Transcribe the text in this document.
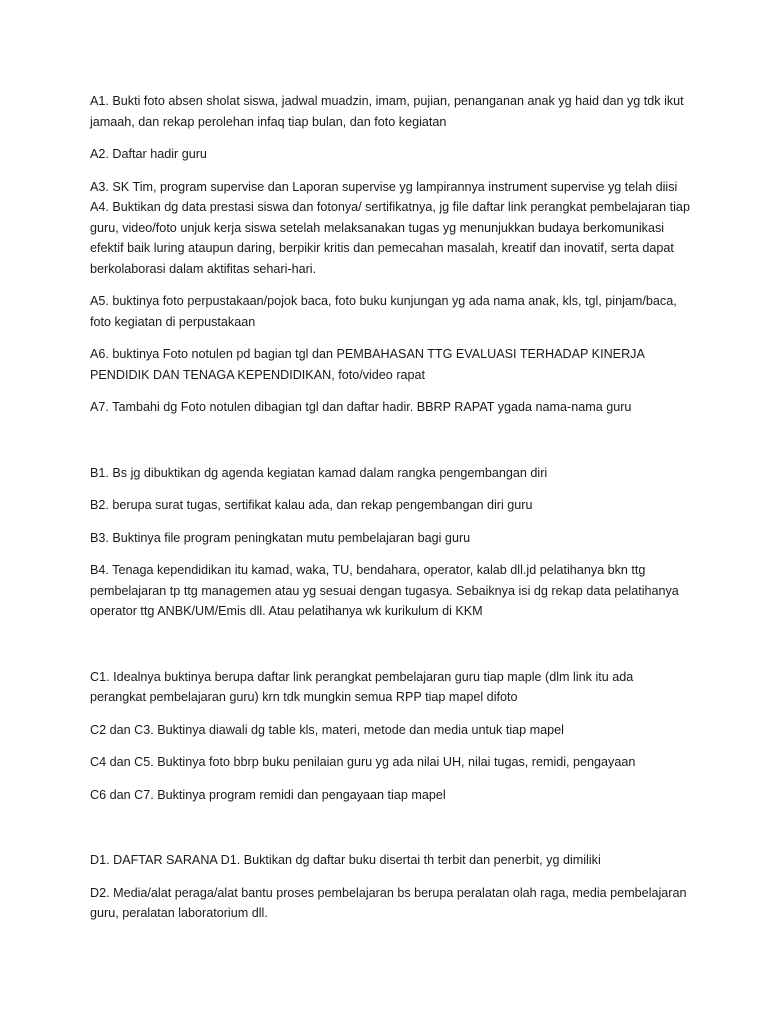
A1. Bukti foto absen sholat siswa, jadwal muadzin, imam, pujian, penanganan anak yg haid dan yg tdk ikut jamaah, dan rekap perolehan infaq tiap bulan, dan foto kegiatan

A2. Daftar hadir guru

A3. SK Tim, program supervise dan Laporan supervise yg lampirannya instrument supervise yg telah diisi

A4. Buktikan dg data prestasi siswa dan fotonya/ sertifikatnya, jg file daftar link perangkat pembelajaran tiap guru, video/foto unjuk kerja siswa setelah melaksanakan tugas yg menunjukkan budaya berkomunikasi efektif baik luring ataupun daring, berpikir kritis dan pemecahan masalah, kreatif dan inovatif, serta dapat berkolaborasi dalam aktifitas sehari-hari.

A5. buktinya foto perpustakaan/pojok baca, foto buku kunjungan yg ada nama anak, kls, tgl, pinjam/baca, foto kegiatan di perpustakaan

A6. buktinya Foto notulen pd bagian tgl dan PEMBAHASAN TTG EVALUASI TERHADAP KINERJA PENDIDIK DAN TENAGA KEPENDIDIKAN, foto/video rapat

A7. Tambahi dg Foto notulen dibagian tgl dan daftar hadir. BBRP RAPAT ygada nama-nama guru

B1. Bs jg dibuktikan dg agenda kegiatan kamad dalam rangka pengembangan diri

B2. berupa surat tugas, sertifikat kalau ada, dan rekap pengembangan diri guru

B3. Buktinya file program peningkatan mutu pembelajaran bagi guru

B4. Tenaga kependidikan itu kamad, waka, TU, bendahara, operator, kalab dll.jd pelatihanya bkn ttg pembelajaran tp ttg managemen atau yg sesuai dengan tugasya. Sebaiknya isi dg rekap data pelatihanya operator ttg ANBK/UM/Emis dll. Atau pelatihanya wk kurikulum di KKM

C1. Idealnya buktinya berupa daftar link perangkat pembelajaran guru tiap maple (dlm link itu ada perangkat pembelajaran guru) krn tdk mungkin semua RPP tiap mapel difoto

C2 dan C3. Buktinya diawali dg table kls, materi, metode dan media untuk tiap mapel

C4 dan C5. Buktinya foto bbrp buku penilaian guru yg ada nilai UH, nilai tugas, remidi, pengayaan

C6 dan C7. Buktinya program remidi dan pengayaan tiap mapel

D1. DAFTAR SARANA D1. Buktikan dg daftar buku disertai th terbit dan penerbit, yg dimiliki

D2. Media/alat peraga/alat bantu proses pembelajaran bs berupa peralatan olah raga, media pembelajaran guru, peralatan laboratorium dll.
